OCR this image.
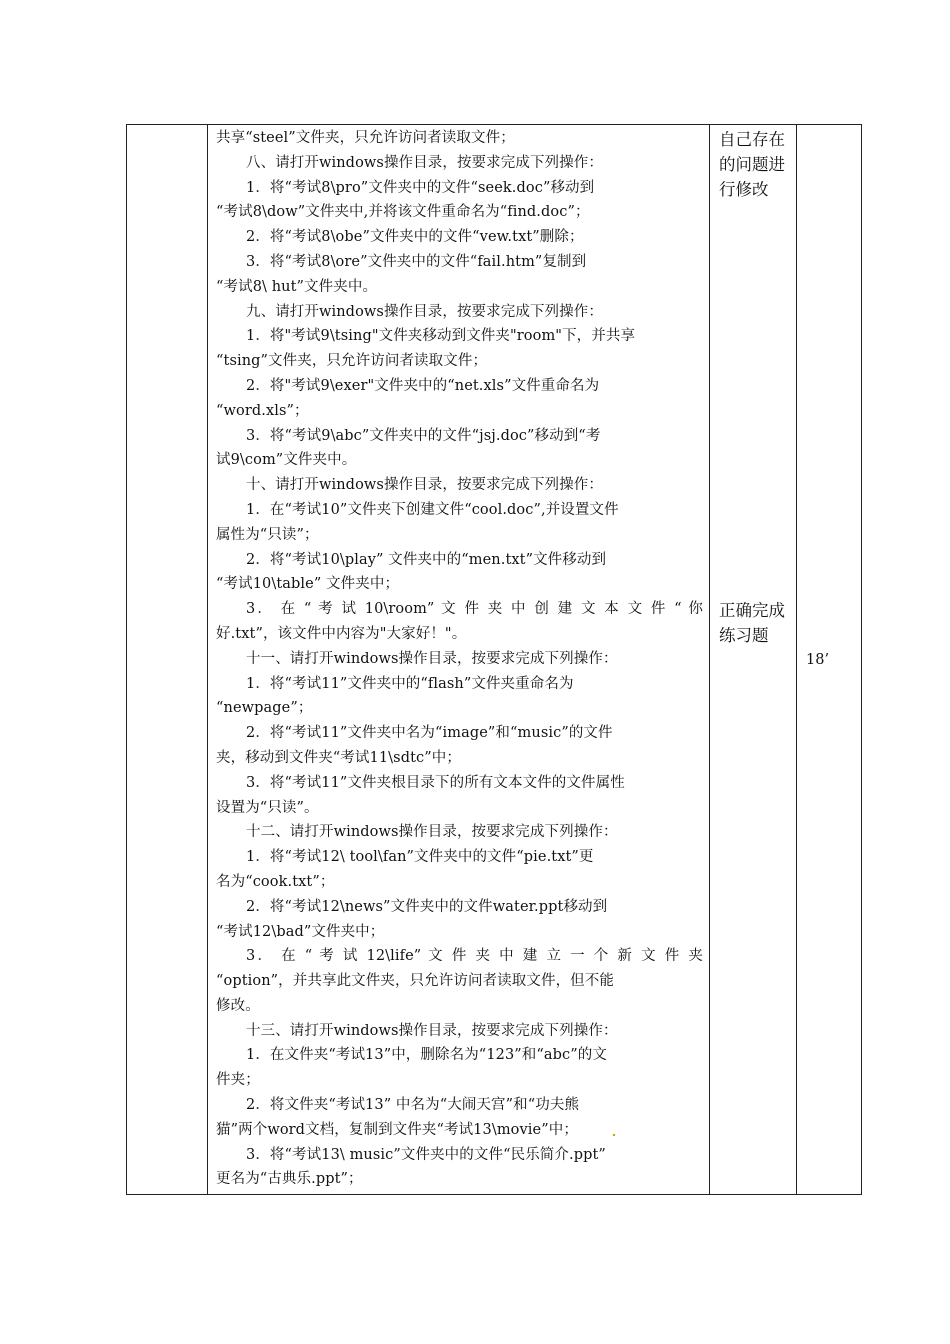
共享“steel”文件夹，只允许访问者读取文件；
八、请打开windows操作目录，按要求完成下列操作：
1．将“考试8\pro”文件夹中的文件“seek.doc”移动到
“考试8\dow”文件夹中,并将该文件重命名为“find.doc”；
2．将“考试8\obe”文件夹中的文件“vew.txt”删除；
3．将“考试8\ore”文件夹中的文件“fail.htm”复制到
“考试8\ hut”文件夹中。
九、请打开windows操作目录，按要求完成下列操作：
1．将"考试9\tsing"文件夹移动到文件夹"room"下，并共享
“tsing”文件夹，只允许访问者读取文件；
2．将"考试9\exer"文件夹中的“net.xls”文件重命名为
“word.xls”；
3．将“考试9\abc”文件夹中的文件“jsj.doc”移动到“考
试9\com”文件夹中。
十、请打开windows操作目录，按要求完成下列操作：
1．在“考试10”文件夹下创建文件“cool.doc”,并设置文件
属性为“只读”；
2．将“考试10\play” 文件夹中的“men.txt”文件移动到
“考试10\table” 文件夹中；
3． 在 “ 考 试 10\room” 文 件 夹 中 创 建 文 本 文 件 “ 你
好.txt”，该文件中内容为"大家好！"。
十一、请打开windows操作目录，按要求完成下列操作：
1．将“考试11”文件夹中的“flash”文件夹重命名为
“newpage”；
2．将“考试11”文件夹中名为“image”和“music”的文件
夹，移动到文件夹“考试11\sdtc”中；
3．将“考试11”文件夹根目录下的所有文本文件的文件属性
设置为“只读”。
十二、请打开windows操作目录，按要求完成下列操作：
1．将“考试12\ tool\fan”文件夹中的文件“pie.txt”更
名为“cook.txt”；
2．将“考试12\news”文件夹中的文件water.ppt移动到
“考试12\bad”文件夹中；
3． 在 “ 考 试 12\life” 文 件 夹 中 建 立 一 个 新 文 件 夹
“option”，并共享此文件夹，只允许访问者读取文件，但不能
修改。
十三、请打开windows操作目录，按要求完成下列操作：
1．在文件夹“考试13”中，删除名为“123”和“abc”的文
件夹；
2．将文件夹“考试13” 中名为“大闹天宫”和“功夫熊
猫”两个word文档，复制到文件夹“考试13\movie”中；
3．将“考试13\ music”文件夹中的文件“民乐简介.ppt”
更名为“古典乐.ppt”；
自己存在
的问题进
行修改
正确完成
练习题
18’
